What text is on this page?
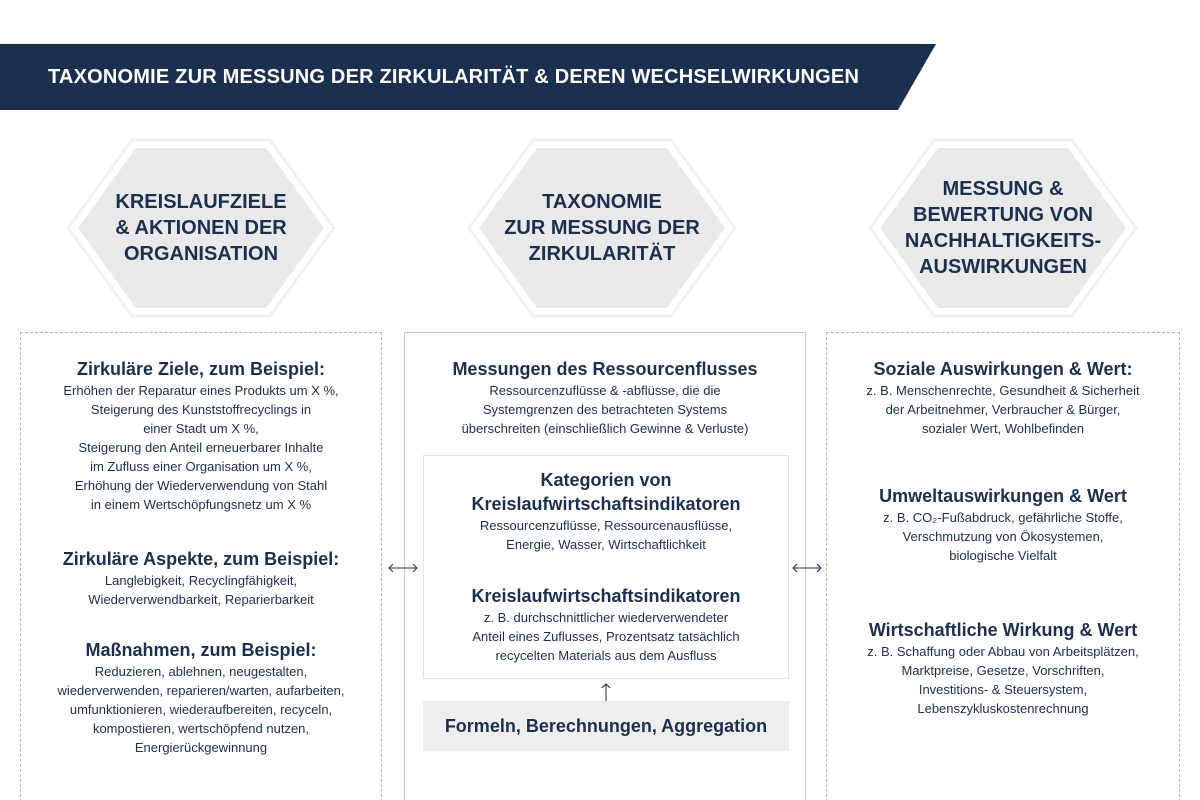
TAXONOMIE ZUR MESSUNG DER ZIRKULARITÄT & DEREN WECHSELWIRKUNGEN
KREISLAUFZIELE
& AKTIONEN DER
ORGANISATION
TAXONOMIE
ZUR MESSUNG DER
ZIRKULARITÄT
MESSUNG &
BEWERTUNG VON
NACHHALTIGKEITS-
AUSWIRKUNGEN
Zirkuläre Ziele, zum Beispiel:

Erhöhen der Reparatur eines Produkts um X %,
Steigerung des Kunststoffrecyclings in
einer Stadt um X %,
Steigerung den Anteil erneuerbarer Inhalte
im Zufluss einer Organisation um X %,
Erhöhung der Wiederverwendung von Stahl
in einem Wertschöpfungsnetz um X %

Zirkuläre Aspekte, zum Beispiel:

Langlebigkeit, Recyclingfähigkeit,
Wiederverwendbarkeit, Reparierbarkeit

Maßnahmen, zum Beispiel:

Reduzieren, ablehnen, neugestalten,
wiederverwenden, reparieren/warten, aufarbeiten,
umfunktionieren, wiederaufbereiten, recyceln,
kompostieren, wertschöpfend nutzen,
Energierückgewinnung

Messungen des Ressourcenflusses

Ressourcenzuflüsse & -abflüsse, die die
Systemgrenzen des betrachteten Systems
überschreiten (einschließlich Gewinne & Verluste)

Kategorien von
Kreislaufwirtschaftsindikatoren

Ressourcenzuflüsse, Ressourcenausflüsse,
Energie, Wasser, Wirtschaftlichkeit

Kreislaufwirtschaftsindikatoren

z. B. durchschnittlicher wiederverwendeter
Anteil eines Zuflusses, Prozentsatz tatsächlich
recycelten Materials aus dem Ausfluss

Formeln, Berechnungen, Aggregation
Soziale Auswirkungen & Wert:

z. B. Menschenrechte, Gesundheit & Sicherheit
der Arbeitnehmer, Verbraucher & Bürger,
sozialer Wert, Wohlbefinden

Umweltauswirkungen & Wert

z. B. CO₂-Fußabdruck, gefährliche Stoffe,
Verschmutzung von Ökosystemen,
biologische Vielfalt

Wirtschaftliche Wirkung & Wert

z. B. Schaffung oder Abbau von Arbeitsplätzen,
Marktpreise, Gesetze, Vorschriften,
Investitions- & Steuersystem,
Lebenszykluskostenrechnung
